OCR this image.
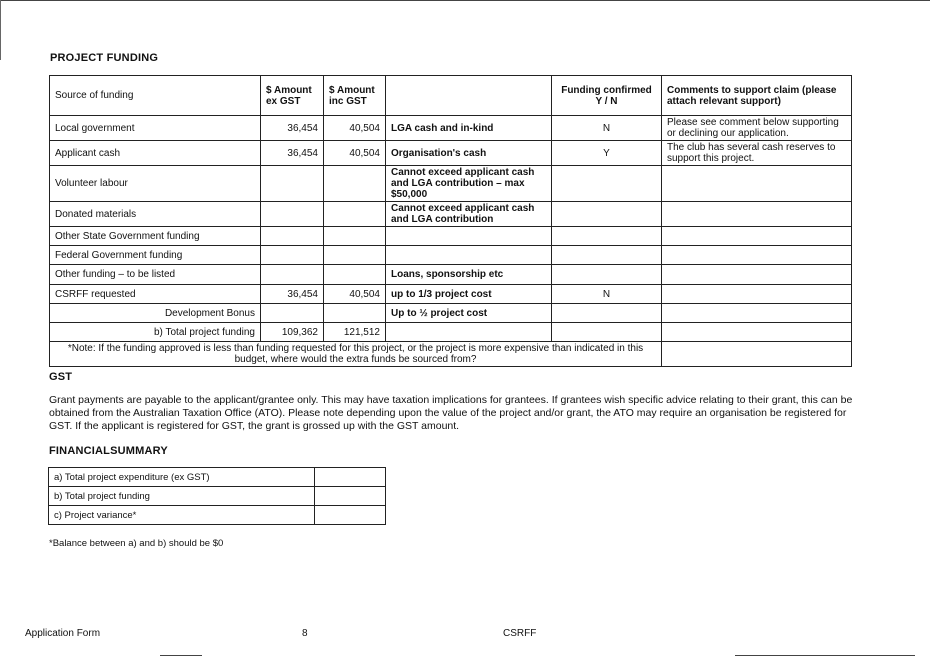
PROJECT FUNDING
Source of funding	$ Amount ex GST	$ Amount inc GST		Funding confirmed Y / N	Comments to support claim (please attach relevant support)
Local government	36,454	40,504	LGA cash and in-kind	N	Please see comment below supporting or declining our application.
Applicant cash	36,454	40,504	Organisation's cash	Y	The club has several cash reserves to support this project.
Volunteer labour			Cannot exceed applicant cash and LGA contribution – max $50,000		
Donated materials			Cannot exceed applicant cash and LGA contribution		
Other State Government funding					
Federal Government funding					
Other funding – to be listed			Loans, sponsorship etc		
CSRFF requested	36,454	40,504	up to 1/3 project cost	N	
Development Bonus			Up to ½ project cost		
b) Total project funding	109,362	121,512			
*Note: If the funding approved is less than funding requested for this project, or the project is more expensive than indicated in this budget, where would the extra funds be sourced from?					
GST
Grant payments are payable to the applicant/grantee only. This may have taxation implications for grantees. If grantees wish specific advice relating to their grant, this can be obtained from the Australian Taxation Office (ATO). Please note depending upon the value of the project and/or grant, the ATO may require an organisation be registered for GST. If the applicant is registered for GST, the grant is grossed up with the GST amount.
FINANCIALSUMMARY
a) Total project expenditure (ex GST)	
b) Total project funding	
c) Project variance*	
*Balance between a) and b) should be $0
Application Form	8	CSRFF
